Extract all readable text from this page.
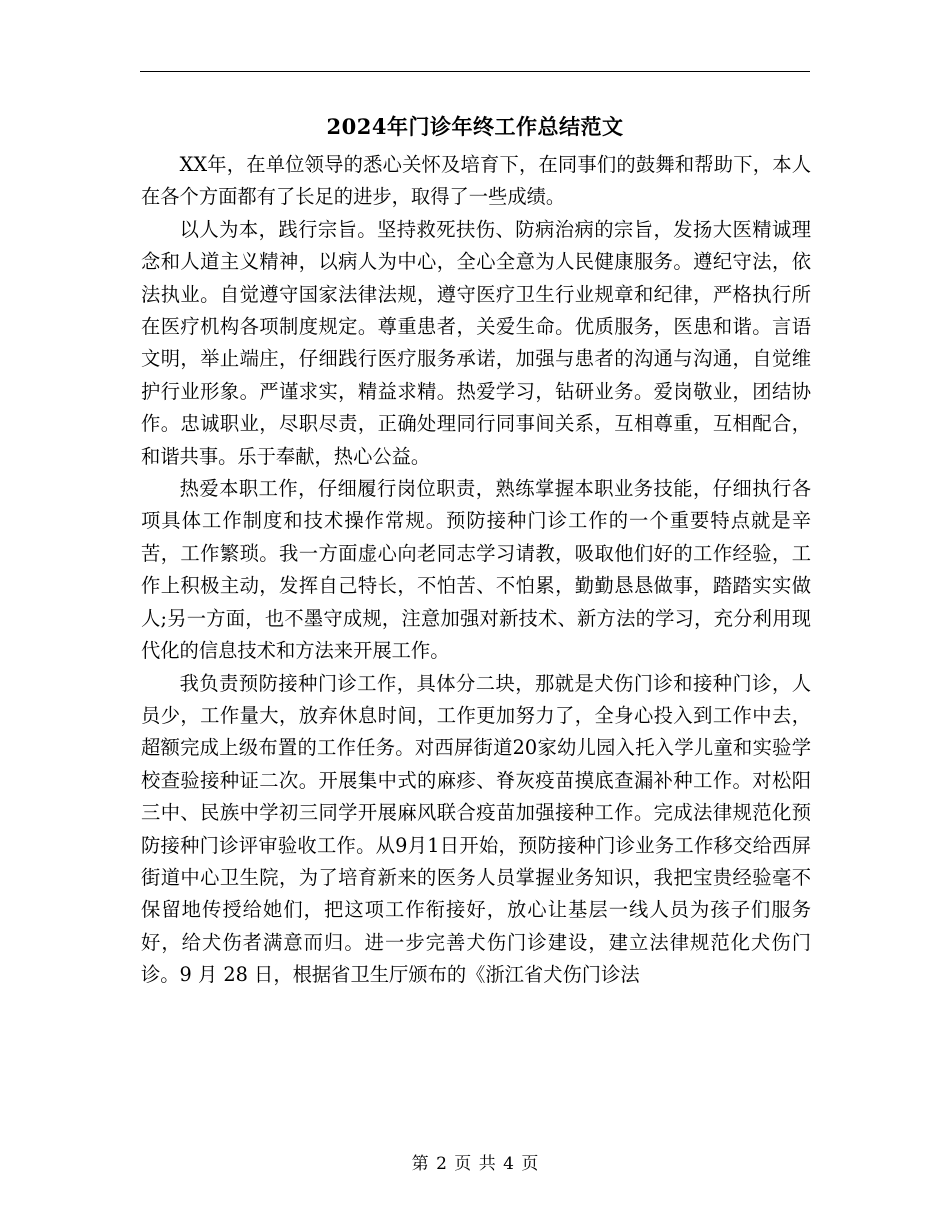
2024年门诊年终工作总结范文

XX年，在单位领导的悉心关怀及培育下，在同事们的鼓舞和帮助下，本人在各个方面都有了长足的进步，取得了一些成绩。

以人为本，践行宗旨。坚持救死扶伤、防病治病的宗旨，发扬大医精诚理念和人道主义精神，以病人为中心，全心全意为人民健康服务。遵纪守法，依法执业。自觉遵守国家法律法规，遵守医疗卫生行业规章和纪律，严格执行所在医疗机构各项制度规定。尊重患者，关爱生命。优质服务，医患和谐。言语文明，举止端庄，仔细践行医疗服务承诺，加强与患者的沟通与沟通，自觉维护行业形象。严谨求实，精益求精。热爱学习，钻研业务。爱岗敬业，团结协作。忠诚职业，尽职尽责，正确处理同行同事间关系，互相尊重，互相配合，和谐共事。乐于奉献，热心公益。

热爱本职工作，仔细履行岗位职责，熟练掌握本职业务技能，仔细执行各项具体工作制度和技术操作常规。预防接种门诊工作的一个重要特点就是辛苦，工作繁琐。我一方面虚心向老同志学习请教，吸取他们好的工作经验，工作上积极主动，发挥自己特长，不怕苦、不怕累，勤勤恳恳做事，踏踏实实做人;另一方面，也不墨守成规，注意加强对新技术、新方法的学习，充分利用现代化的信息技术和方法来开展工作。

我负责预防接种门诊工作，具体分二块，那就是犬伤门诊和接种门诊，人员少，工作量大，放弃休息时间，工作更加努力了，全身心投入到工作中去，超额完成上级布置的工作任务。对西屏街道20家幼儿园入托入学儿童和实验学校查验接种证二次。开展集中式的麻疹、脊灰疫苗摸底查漏补种工作。对松阳三中、民族中学初三同学开展麻风联合疫苗加强接种工作。完成法律规范化预防接种门诊评审验收工作。从9月1日开始，预防接种门诊业务工作移交给西屏街道中心卫生院，为了培育新来的医务人员掌握业务知识，我把宝贵经验毫不保留地传授给她们，把这项工作衔接好，放心让基层一线人员为孩子们服务好，给犬伤者满意而归。进一步完善犬伤门诊建设，建立法律规范化犬伤门诊。9 月 28 日，根据省卫生厅颁布的《浙江省犬伤门诊法

第 2 页 共 4 页
